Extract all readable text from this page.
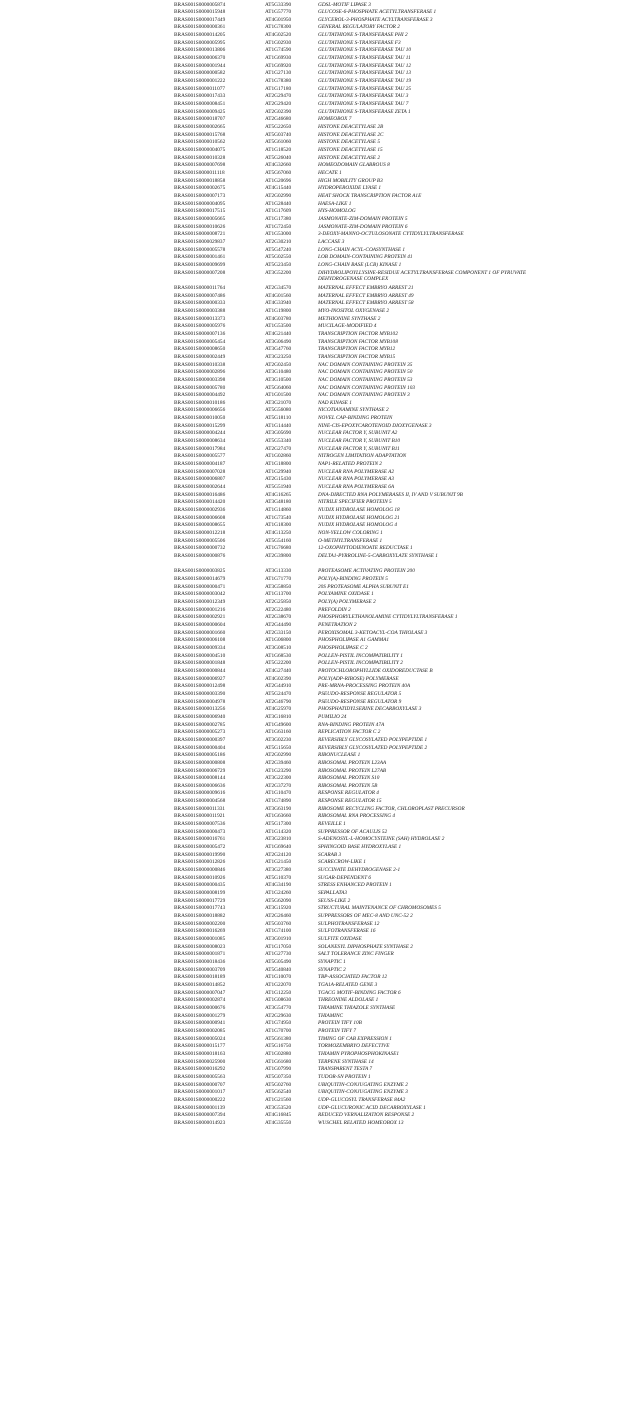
BRAS001S0000005874	AT5G33390	GDSL-MOTIF LIPASE 3
BRAS001S0000015948	AT1G57770	GLUCOSE-6-PHOSPHATE ACETYLTRANSFERASE 1
BRAS001S0000017449	AT4G01950	GLYCEROL-3-PHOSPHATE ACYLTRANSFERASE 3
BRAS001S0000000361	AT1G78300	GENERAL REGULATORY FACTOR 2
BRAS001S0000014205	AT4G02520	GLUTATHIONE S-TRANSFERASE PHI 2
BRAS001S0000005995	AT1G02930	GLUTATHIONE S-TRANSFERASE F3
BRAS001S0000013806	AT1G74590	GLUTATHIONE S-TRANSFERASE TAU 10
BRAS001S0000006370	AT1G69930	GLUTATHIONE S-TRANSFERASE TAU 11
BRAS001S0000001944	AT1G69920	GLUTATHIONE S-TRANSFERASE TAU 12
BRAS001S0000000582	AT1G27130	GLUTATHIONE S-TRANSFERASE TAU 13
BRAS001S0000001222	AT1G78380	GLUTATHIONE S-TRANSFERASE TAU 19
BRAS001S0000011077	AT1G17180	GLUTATHIONE S-TRANSFERASE TAU 25
BRAS001S0000017433	AT2G29470	GLUTATHIONE S-TRANSFERASE TAU 3
BRAS001S0000008451	AT2G29420	GLUTATHIONE S-TRANSFERASE TAU 7
BRAS001S0000009425	AT2G02390	GLUTATHIONE S-TRANSFERASE ZETA 1
BRAS001S0000018707	AT2G46680	HOMEOBOX 7
BRAS001S0000002665	AT5G22650	HISTONE DEACETYLASE 2B
BRAS001S0000015768	AT5G03740	HISTONE DEACETYLASE 2C
BRAS001S0000010562	AT5G61060	HISTONE DEACETYLASE 5
BRAS001S0000004075	AT1G18520	HISTONE DEACETYLASE 15
BRAS001S0000010328	AT5G26040	HISTONE DEACETYLASE 2
BRAS001S0000007698	AT4G32660	HOMEODOMAIN GLABROUS 8
BRAS001S0000011118	AT5G67060	HECATE 1
BRAS001S0000018858	AT1G20696	HIGH MOBILITY GROUP B3
BRAS001S0000002675	AT4G15440	HYDROPEROXIDE LYASE 1
BRAS001S0000007173	AT2G02990	HEAT SHOCK TRANSCRIPTION FACTOR A1E
BRAS001S0000004095	AT1G28440	HAESA-LIKE 1
BRAS001S0000017515	AT1G17609	HYS-HOMOLOG
BRAS001S0000005665	AT1G17380	JASMONATE-ZIM-DOMAIN PROTEIN 5
BRAS001S0000010626	AT1G72450	JASMONATE-ZIM-DOMAIN PROTEIN 6
BRAS001S0000008721	AT1G53000	3-DEOXY-MANNO-OCTULOSONATE CYTIDYLYLTRANSFERASE
BRAS001S0000029837	AT2G30210	LACCASE 3
BRAS001S0000005578	AT5G47240	LONG-CHAIN ACYL-COASYNTHASE 1
BRAS001S0000001461	AT5G02550	LOB DOMAIN-CONTAINING PROTEIN 41
BRAS001S0000009699	AT5G23450	LONG-CHAIN BASE (LCB) KINASE 1
BRAS001S0000007208	AT3G52200	DIHYDROLIPOYLLYSINE-RESIDUE ACETYLTRANSFERASE COMPONENT 1 OF PYRUVATE
DEHYDROGENASE COMPLEX
BRAS001S0000011764	AT2G34570	MATERNAL EFFECT EMBRYO ARREST 21
BRAS001S0000007486	AT4G01560	MATERNAL EFFECT EMBRYO ARREST 49
BRAS001S0000000333	AT4G33940	MATERNAL EFFECT EMBRYO ARREST 58
BRAS001S0000003388	AT1G19800	MYO-INOSITOL OXYGENASE 2
BRAS001S0000013373	AT4G03780	METHIONINE SYNTHASE 2
BRAS001S0000005976	AT1G53500	MUCILAGE-MODIFIED 4
BRAS001S0000007136	AT4G21440	TRANSCRIPTION FACTOR MYB102
BRAS001S0000005454	AT3G06490	TRANSCRIPTION FACTOR MYB108
BRAS001S0000008650	AT3G47760	TRANSCRIPTION FACTOR MYB12
BRAS001S0000002449	AT3G23250	TRANSCRIPTION FACTOR MYB15
BRAS001S0000010338	AT2G02450	NAC DOMAIN CONTAINING PROTEIN 35
BRAS001S0000002896	AT3G10480	NAC DOMAIN CONTAINING PROTEIN 50
BRAS001S0000003398	AT3G10500	NAC DOMAIN CONTAINING PROTEIN 53
BRAS001S0000005780	AT5G64060	NAC DOMAIN CONTAINING PROTEIN 103
BRAS001S0000004492	AT1G01500	NAC DOMAIN CONTAINING PROTEIN 3
BRAS001S0000010186	AT3G21070	NAD KINASE 1
BRAS001S0000006656	AT5G56080	NICOTIANAMINE SYNTHASE 2
BRAS001S0000010050	AT5G18110	NOVEL CAP-BINDING PROTEIN
BRAS001S0000015299	AT1G14440	NINE-CIS-EPOXYCAROTENOID DIOXYGENASE 3
BRAS001S0000004244	AT3G05690	NUCLEAR FACTOR Y, SUBUNIT A2
BRAS001S0000008634	AT5G53340	NUCLEAR FACTOR Y, SUBUNIT B10
BRAS001S0000017984	AT2G27470	NUCLEAR FACTOR Y, SUBUNIT B11
BRAS001S0000005577	AT1G02860	NITROGEN LIMITATION ADAPTATION
BRAS001S0000004187	AT1G18800	NAP1-RELATED PROTEIN 2
BRAS001S0000007028	AT1G29940	NUCLEAR RNA POLYMERASE A2
BRAS001S0000006807	AT2G15430	NUCLEAR RNA POLYMERASE A3
BRAS001S0000002644	AT5G51940	NUCLEAR RNA POLYMERASE 6A
BRAS001S0000016486	AT4G16265	DNA-DIRECTED RNA POLYMERASES II, IV AND V SUBUNIT 9B
BRAS001S0000014420	AT3G48180	NITRILE SPECIFIER PROTEIN 5
BRAS001S0000002936	AT1G14860	NUDIX HYDROLASE HOMOLOG 18
BRAS001S0000006608	AT1G73540	NUDIX HYDROLASE HOMOLOG 21
BRAS001S0000008655	AT1G18300	NUDIX HYDROLASE HOMOLOG 4
BRAS001S0000012218	AT4G13250	NON-YELLOW COLORING 1
BRAS001S0000005506	AT5G54160	O-METHYLTRANSFERASE 1
BRAS001S0000000732	AT1G76680	12-OXOPHYTODIENOATE REDUCTASE 1
BRAS001S0000000876	AT2G39800	DELTA1-PYRROLINE-5-CARBOXYLATE SYNTHASE 1
BRAS001S0000003825	AT3G13330	PROTEASOME ACTIVATING PROTEIN 200
BRAS001S0000014679	AT1G71770	POLY(A)-BINDING PROTEIN 5
BRAS001S0000000471	AT3G58850	20S PROTEASOME ALPHA SUBUNIT E1
BRAS001S0000003042	AT1G13700	POLYAMINE OXIDASE 1
BRAS001S0000012349	AT2G25850	POLY(A) POLYMERASE 2
BRAS001S0000001216	AT2G22480	PREFOLDIN 2
BRAS001S0000002921	AT2G38670	PHOSPHORYLETHANOLAMINE CYTIDYLYLTRANSFERASE 1
BRAS001S0000000604	AT2G44490	PENETRATION 2
BRAS001S0000001660	AT2G33150	PEROXISOMAL 3-KETOACYL-COA THIOLASE 3
BRAS001S0000006108	AT1G06800	PHOSPHOLIPASE A1 GAMMA1
BRAS001S0000009334	AT3G08510	PHOSPHOLIPASE C 2
BRAS001S0000004510	AT1G68530	POLLEN-PISTIL INCOMPATIBILITY 1
BRAS001S0000001848	AT5G22200	POLLEN-PISTIL INCOMPATIBILITY 2
BRAS001S0000000844	AT4G27440	PROTOCHLOROPHYLLIDE OXIDOREDUCTASE B
BRAS001S0000006927	AT4G02390	POLY(ADP-RIBOSE) POLYMERASE
BRAS001S0000012498	AT2G44910	PRE-MRNA-PROCESSING PROTEIN 40A
BRAS001S0000003390	AT5G24470	PSEUDO-RESPONSE REGULATOR 5
BRAS001S0000004978	AT2G46790	PSEUDO-RESPONSE REGULATOR 9
BRAS001S0000013256	AT4G25970	PHOSPHATIDYLSERINE DECARBOXYLASE 3
BRAS001S0000006940	AT3G16810	PUMILIO 24
BRAS001S0000002785	AT1G49600	RNA-BINDING PROTEIN 47A
BRAS001S0000005273	AT1G63160	REPLICATION FACTOR C 2
BRAS001S0000000397	AT3G02230	REVERSIBLY GLYCOSYLATED POLYPEPTIDE 1
BRAS001S0000000404	AT5G15650	REVERSIBLY GLYCOSYLATED POLYPEPTIDE 2
BRAS001S0000005186	AT2G02990	RIBONUCLEASE 1
BRAS001S0000000808	AT2G39460	RIBOSOMAL PROTEIN L23AA
BRAS001S0000006729	AT1G23290	RIBOSOMAL PROTEIN L27AB
BRAS001S0000008144	AT3G22300	RIBOSOMAL PROTEIN S10
BRAS001S0000006636	AT2G37270	RIBOSOMAL PROTEIN 5B
BRAS001S0000009616	AT1G10470	RESPONSE REGULATOR 4
BRAS001S0000004568	AT1G74890	RESPONSE REGULATOR 15
BRAS001S0000011331	AT3G63190	RIBOSOME RECYCLING FACTOR, CHLOROPLAST PRECURSOR
BRAS001S0000011921	AT1G63660	RIBOSOMAL RNA PROCESSING 4
BRAS001S0000007536	AT5G17300	REVEILLE 1
BRAS001S0000000473	AT1G14320	SUPPRESSOR OF ACAULIS 52
BRAS001S0000016761	AT3G23810	S-ADENOSYL-L-HOMOCYSTEINE (SAH) HYDROLASE 2
BRAS001S0000005472	AT1G69640	SPHINGOID BASE HYDROXYLASE 1
BRAS001S0000019990	AT2G24120	SCARAB 3
BRAS001S0000012826	AT1G21450	SCARECROW-LIKE 1
BRAS001S0000000846	AT3G27380	SUCCINATE DEHYDROGENASE 2-1
BRAS001S0000010926	AT5G10370	SUGAR-DEPENDENT 6
BRAS001S0000000435	AT4G34190	STRESS ENHANCED PROTEIN 1
BRAS001S0000008199	AT1G24260	SEPALLATA3
BRAS001S0000017729	AT5G62090	SEUSS-LIKE 2
BRAS001S0000017743	AT3G15920	STRUCTURAL MAINTENANCE OF CHROMOSOMES 5
BRAS001S0000018882	AT2G26460	SUPPRESSORS OF MEC-8 AND UNC-52 2
BRAS001S0000002200	AT5G03760	SULPHOTRANSFERASE 12
BRAS001S0000016269	AT1G74100	SULFOTRANSFERASE 16
BRAS001S0000001085	AT3G01910	SULFITE OXIDASE
BRAS001S0000008023	AT1G17050	SOLANESYL DIPHOSPHATE SYNTHASE 2
BRAS001S0000001871	AT1G27730	SALT TOLERANCE ZINC FINGER
BRAS001S0000018436	AT5G05490	SYNAPTIC 1
BRAS001S0000003709	AT5G40840	SYNAPTIC 2
BRAS001S0000018189	AT1G10070	TBP-ASSOCIATED FACTOR 12
BRAS001S0000014852	AT1G22070	TGA1A-RELATED GENE 3
BRAS001S0000007047	AT1G12250	TGACG MOTIF-BINDING FACTOR 6
BRAS001S0000002874	AT1G08630	THREONINE ALDOLASE 1
BRAS001S0000000676	AT3G54770	THIAMINE THIAZOLE SYNTHASE
BRAS001S0000001279	AT2G29630	THIAMINC
BRAS001S0000000941	AT1G74950	PROTEIN TIFY 10B
BRAS001S0000002085	AT1G70700	PROTEIN TIFY 7
BRAS001S0000005024	AT5G61380	TIMING OF CAB EXPRESSION 1
BRAS001S0000015177	AT5G16750	TORMOZEMBRYO DEFECTIVE
BRAS001S0000018163	AT1G02880	THIAMIN PYROPHOSPHOKINASE1
BRAS001S0000025900	AT1G61680	TERPENE SYNTHASE 14
BRAS001S0000016292	AT1G07990	TRANSPARENT TESTA 7
BRAS001S0000005563	AT5G07350	TUDOR-SN PROTEIN 1
BRAS001S0000000707	AT5G02760	UBIQUITIN-CONJUGATING ENZYME 2
BRAS001S0000001017	AT5G62540	UBIQUITIN-CONJUGATING ENZYME 3
BRAS001S0000000222	AT1G21560	UDP-GLUCOSYL TRANSFERASE 84A2
BRAS001S0000001139	AT3G53520	UDP-GLUCURONIC ACID DECARBOXYLASE 1
BRAS001S0000007394	AT4G16845	REDUCED VERNALIZATION RESPONSE 2
BRAS001S0000014923	AT4G35550	WUSCHEL RELATED HOMEOBOX 13
